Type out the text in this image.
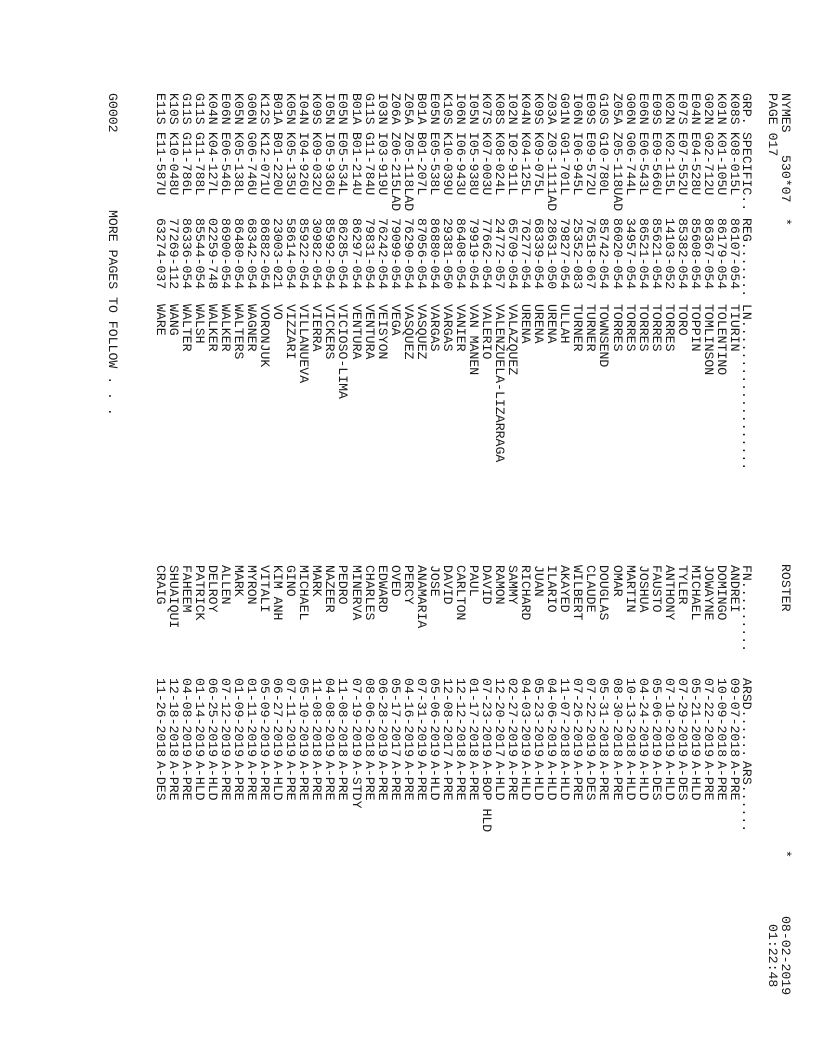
NYMES

530*07

*

ROSTER

*

08-02-2019

PAGE 017

01:22:48

GRP.

SPECIFIC..

REG.......

LN...................

FN.........

ARSD......

ARS......

K08S
K08-015L
86107-054
TIURIN
ANDREI
09-07-2018
A-PRE
K01N
K01-105U
86179-054
TOLENTINO
DOMINGO
10-09-2018
A-PRE
G02N
G02-712U
86367-054
TOMLINSON
JOWAYNE
07-22-2019
A-PRE
E04N
E04-528U
85608-054
TOPPIN
MICHAEL
05-21-2019
A-HLD
E07S
E07-552U
85382-054
TORO
TYLER
07-29-2019
A-DES
K02N
K02-115L
14103-052
TORRES
ANTHONY
07-10-2019
A-HLD
E09S
E09-566U
85621-054
TORRES
FAUSTO
05-06-2019
A-DES
E06N
E06-543L
86521-054
TORRES
JOSHUA
04-24-2019
A-HLD
G06N
G06-744L
34957-054
TORRES
MARTIN
10-13-2018
A-HLD
Z05A
Z05-118UAD
86020-054
TORRES
OMAR
08-30-2018
A-PRE
G10S
G10-780L
85742-054
TOWNSEND
DOUGLAS
05-31-2018
A-PRE
E09S
E09-572U
76518-067
TURNER
CLAUDE
07-22-2019
A-DES
I06N
I06-945L
25352-083
TURNER
WILBERT
07-26-2019
A-PRE
G01N
G01-701L
79827-054
ULLAH
AKAYED
11-07-2018
A-HLD
Z03A
Z03-1111AD
28631-050
URENA
ILARIO
04-06-2019
A-HLD
K09S
K09-075L
68339-054
URENA
JUAN
05-23-2019
A-HLD
K04N
K04-125L
76277-054
URENA
RICHARD
04-03-2019
A-HLD
I02N
I02-911L
65709-054
VALAZQUEZ
SAMMY
02-27-2019
A-PRE
K08S
K08-024L
24772-057
VALENZUELA-LIZARRAGA
RAMON
12-20-2017
A-HLD
K07S
K07-003U
77662-054
VALERIO
DAVID
07-23-2019
A-BOP HLD
I05N
I05-938U
79919-054
VAN MANEN
PAUL
01-17-2018
A-PRE
I06N
I06-943U
86408-054
VANIER
CARLTON
12-12-2018
A-PRE
K10S
K10-039U
29381-050
VARGAS
DAVID
12-08-2017
A-PRE
E05N
E05-538L
86880-054
VARGAS
JOSE
05-06-2019
A-HLD
B01A
B01-207L
87056-054
VASQUEZ
ANAMARIA
07-31-2019
A-PRE
Z05A
Z05-118LAD
76290-054
VASQUEZ
PERCY
04-16-2019
A-PRE
Z06A
Z06-215LAD
79099-054
VEGA
OVED
05-17-2017
A-PRE
I03N
I03-919U
76242-054
VEISYON
EDWARD
06-28-2019
A-PRE
G11S
G11-784U
79831-054
VENTURA
CHARLES
08-06-2018
A-PRE
B01A
B01-214U
86297-054
VENTURA
MINERVA
07-19-2019
A-STDY
E05N
E05-534L
86285-054
VICIOSO-LIMA
PEDRO
11-08-2018
A-PRE
I05N
I05-936U
85992-054
VICKERS
NAZEER
04-08-2019
A-PRE
K09S
K09-032U
30982-054
VIERRA
MARK
11-08-2018
A-PRE
I04N
I04-926U
85922-054
VILLANUEVA
MICHAEL
05-10-2019
A-PRE
K05N
K05-135U
58614-054
VIZZARI
GINO
07-11-2019
A-PRE
B01A
B01-220U
23003-021
VO
KIM ANH
06-27-2019
A-HLD
K12S
K12-071U
86882-054
VORONJUK
VITALI
05-09-2019
A-PRE
G06N
G06-746U
68342-054
WAGNER
MYRON
01-11-2019
A-PRE
K05N
K05-138L
86480-054
WALTERS
MARK
01-09-2019
A-PRE
E06N
E06-546L
86900-054
WALKER
ALLEN
07-12-2019
A-PRE
K04N
K04-127L
02259-748
WALKER
DELROY
06-25-2019
A-HLD
G11S
G11-788L
85544-054
WALSH
PATRICK
01-14-2019
A-HLD
G11S
G11-786L
86336-054
WALTER
FAHEEM
04-08-2019
A-PRE
K10S
K10-048U
77269-112
WANG
SHUAIQUI
12-18-2018
A-PRE
E11S
E11-587U
63274-037
WARE
CRAIG
11-26-2018
A-DES

G0002

MORE PAGES TO FOLLOW . . .
